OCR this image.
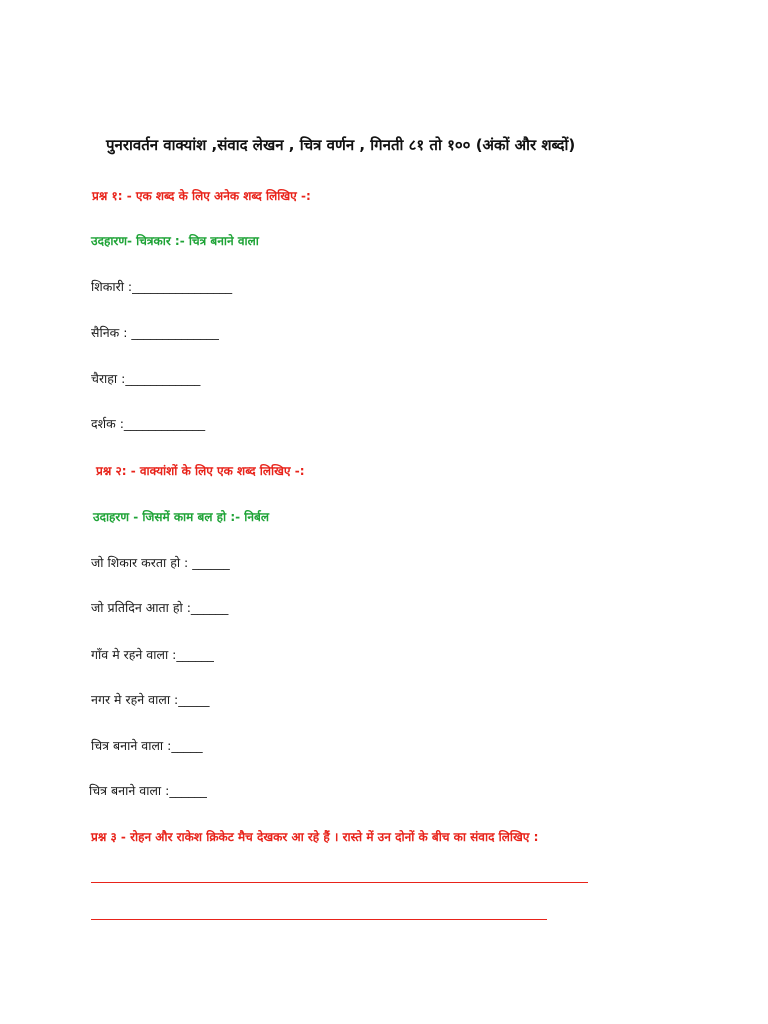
पुनरावर्तन वाक्यांश ,संवाद लेखन , चित्र वर्णन , गिनती ८१ तो १०० (अंकों और शब्दों)
प्रश्न १: - एक शब्द के लिए अनेक शब्द लिखिए -:
उदहारण- चित्रकार :- चित्र बनाने वाला
शिकारी :________________
सैनिक : ______________
चैराहा :____________
दर्शक :_____________
प्रश्न २: - वाक्यांशों के लिए एक शब्द लिखिए -:
उदाहरण - जिसमें काम बल हो :- निर्बल
जो शिकार करता हो : ______
जो प्रतिदिन आता हो :______
गाँव मे रहने वाला :______
नगर मे रहने वाला :_____
चित्र बनाने वाला :_____
चित्र बनाने वाला :______
प्रश्न ३ - रोहन और राकेश क्रिकेट मैच देखकर आ रहे हैं । रास्ते में उन दोनों के बीच का संवाद लिखिए :
